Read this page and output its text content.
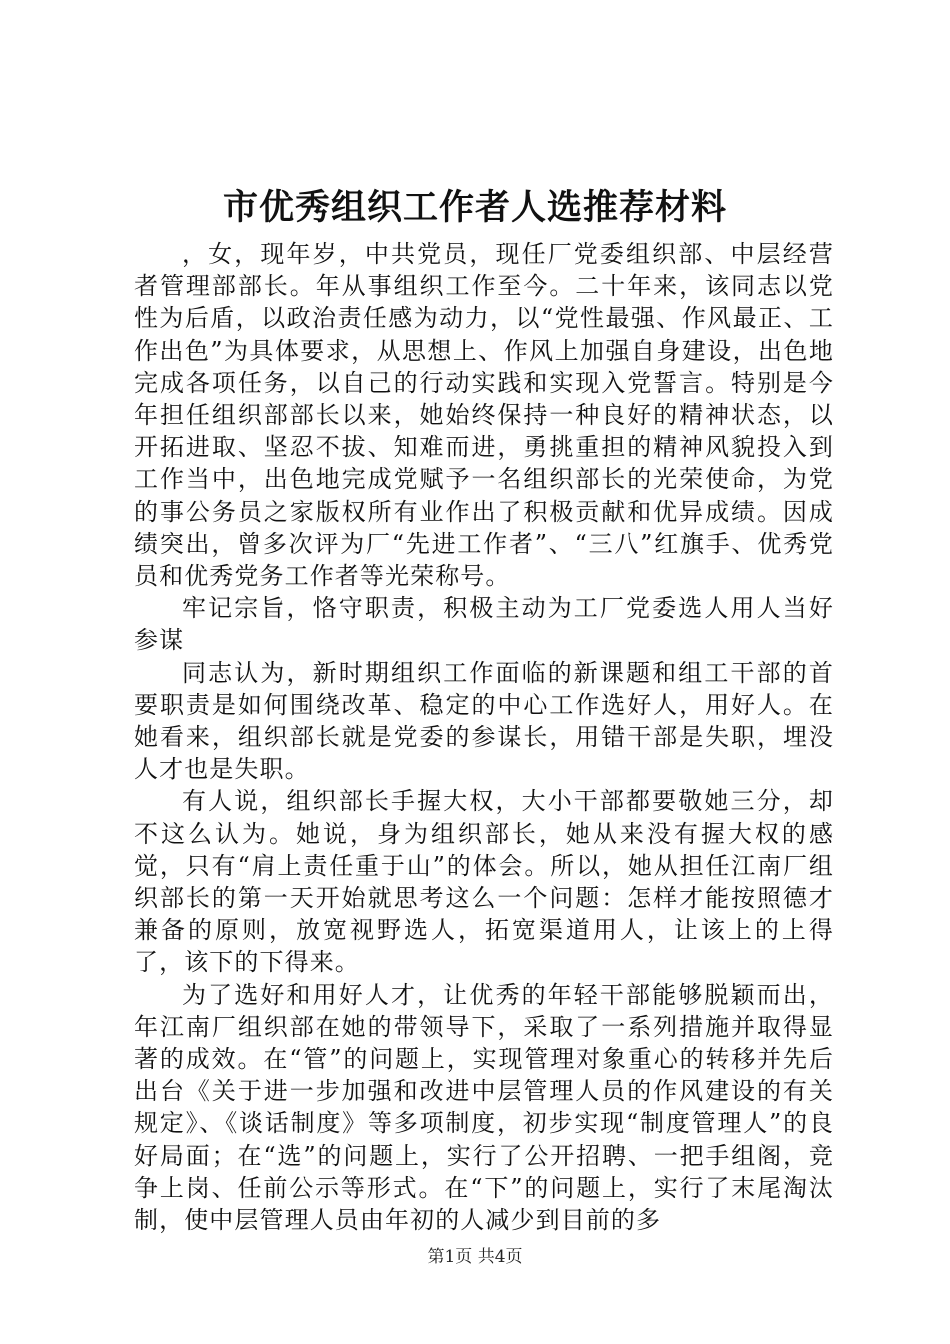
市优秀组织工作者人选推荐材料

，女，现年岁，中共党员，现任厂党委组织部、中层经营者管理部部长。年从事组织工作至今。二十年来，该同志以党性为后盾，以政治责任感为动力，以“党性最强、作风最正、工作出色”为具体要求，从思想上、作风上加强自身建设，出色地完成各项任务，以自己的行动实践和实现入党誓言。特别是今年担任组织部部长以来，她始终保持一种良好的精神状态，以开拓进取、坚忍不拔、知难而进，勇挑重担的精神风貌投入到工作当中，出色地完成党赋予一名组织部长的光荣使命，为党的事公务员之家版权所有业作出了积极贡献和优异成绩。因成绩突出，曾多次评为厂“先进工作者”、“三八”红旗手、优秀党员和优秀党务工作者等光荣称号。

牢记宗旨，恪守职责，积极主动为工厂党委选人用人当好参谋

同志认为，新时期组织工作面临的新课题和组工干部的首要职责是如何围绕改革、稳定的中心工作选好人，用好人。在她看来，组织部长就是党委的参谋长，用错干部是失职，埋没人才也是失职。

有人说，组织部长手握大权，大小干部都要敬她三分，却不这么认为。她说，身为组织部长，她从来没有握大权的感觉，只有“肩上责任重于山”的体会。所以，她从担任江南厂组织部长的第一天开始就思考这么一个问题：怎样才能按照德才兼备的原则，放宽视野选人，拓宽渠道用人，让该上的上得了，该下的下得来。

为了选好和用好人才，让优秀的年轻干部能够脱颖而出，年江南厂组织部在她的带领导下，采取了一系列措施并取得显著的成效。在“管”的问题上，实现管理对象重心的转移并先后出台《关于进一步加强和改进中层管理人员的作风建设的有关规定》、《谈话制度》等多项制度，初步实现“制度管理人”的良好局面；在“选”的问题上，实行了公开招聘、一把手组阁，竞争上岗、任前公示等形式。在“下”的问题上，实行了末尾淘汰制，使中层管理人员由年初的人减少到目前的多

第1页 共4页
